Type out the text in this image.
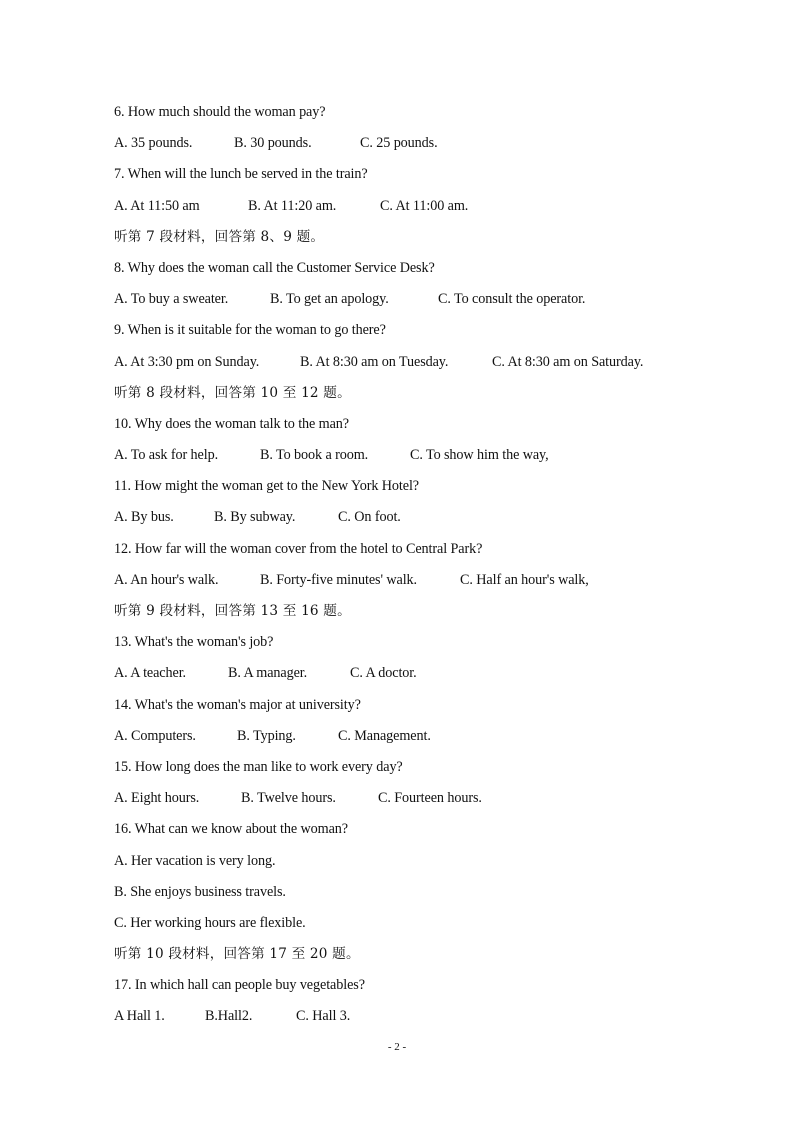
6. How much should the woman pay?
A. 35 pounds.	B. 30 pounds.	C. 25 pounds.
7. When will the lunch be served in the train?
A. At 11:50 am	B. At 11:20 am.	C. At 11:00 am.
听第 7 段材料，回答第 8、9 题。
8. Why does the woman call the Customer Service Desk?
A. To buy a sweater.	B. To get an apology.	C. To consult the operator.
9. When is it suitable for the woman to go there?
A. At 3:30 pm on Sunday.	B. At 8:30 am on Tuesday.	C. At 8:30 am on Saturday.
听第 8 段材料，回答第 10 至 12 题。
10. Why does the woman talk to the man?
A. To ask for help.	B. To book a room.	C. To show him the way,
11. How might the woman get to the New York Hotel?
A. By bus.	B. By subway.	C. On foot.
12. How far will the woman cover from the hotel to Central Park?
A. An hour's walk.	B. Forty-five minutes' walk.	C. Half an hour's walk,
听第 9 段材料，回答第 13 至 16 题。
13. What's the woman's job?
A. A teacher.	B. A manager.	C. A doctor.
14. What's the woman's major at university?
A. Computers.	B. Typing.	C. Management.
15. How long does the man like to work every day?
A. Eight hours.	B. Twelve hours.	C. Fourteen hours.
16. What can we know about the woman?
A. Her vacation is very long.
B. She enjoys business travels.
C. Her working hours are flexible.
听第 10 段材料，回答第 17 至 20 题。
17. In which hall can people buy vegetables?
A Hall 1.	B.Hall2.	C. Hall 3.
- 2 -
